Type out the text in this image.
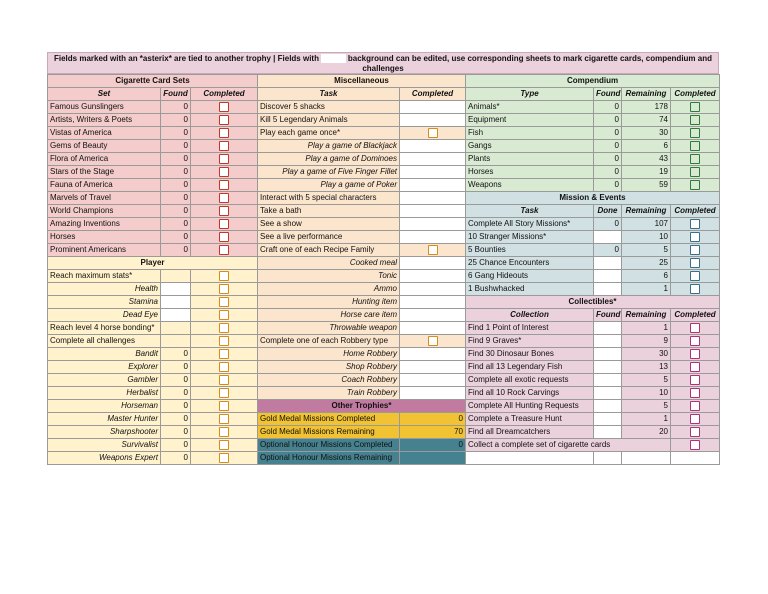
Fields marked with an *asterix* are tied to another trophy | Fields with white background can be edited, use corresponding sheets to mark cigarette cards, compendium and challenges
Cigarette Card Sets		
Set	Found	Completed
Famous Gunslingers	0	
Artists, Writers & Poets	0	
Vistas of America	0	
Gems of Beauty	0	
Flora of America	0	
Stars of the Stage	0	
Fauna of America	0	
Marvels of Travel	0	
World Champions	0	
Amazing Inventions	0	
Horses	0	
Prominent Americans	0	
Player		
Reach maximum stats*		
Health		
Stamina		
Dead Eye		
Reach level 4 horse bonding*		
Complete all challenges		
Bandit	0	
Explorer	0	
Gambler	0	
Herbalist	0	
Horseman	0	
Master Hunter	0	
Sharpshooter	0	
Survivalist	0	
Weapons Expert	0	
Miscellaneous	
Task	Completed
Discover 5 shacks	
Kill 5 Legendary Animals	
Play each game once*	
Play a game of Blackjack	
Play a game of Dominoes	
Play a game of Five Finger Fillet	
Play a game of Poker	
Interact with 5 special characters	
Take a bath	
See a show	
See a live performance	
Craft one of each Recipe Family	
Cooked meal	
Tonic	
Ammo	
Hunting item	
Horse care item	
Throwable weapon	
Complete one of each Robbery type	
Home Robbery	
Shop Robbery	
Coach Robbery	
Train Robbery	
Other Trophies*	
Gold Medal Missions Completed	0
Gold Medal Missions Remaining	70
Optional Honour Missions Completed	0
Optional Honour Missions Remaining	
Compendium			
Type	Found	Remaining	Completed
Animals*	0	178	
Equipment	0	74	
Fish	0	30	
Gangs	0	6	
Plants	0	43	
Horses	0	19	
Weapons	0	59	
Mission & Events			
Task	Done	Remaining	Completed
Complete All Story Missions*	0	107	
10 Stranger Missions*		10	
5 Bounties	0	5	
25 Chance Encounters		25	
6 Gang Hideouts		6	
1 Bushwhacked		1	
Collectibles*			
Collection	Found	Remaining	Completed
Find 1 Point of Interest		1	
Find 9 Graves*		9	
Find 30 Dinosaur Bones		30	
Find all 13 Legendary Fish		13	
Complete all exotic requests		5	
Find all 10 Rock Carvings		10	
Complete All Hunting Requests		5	
Complete a Treasure Hunt		1	
Find all Dreamcatchers		20	
Collect a complete set of cigarette cards			
